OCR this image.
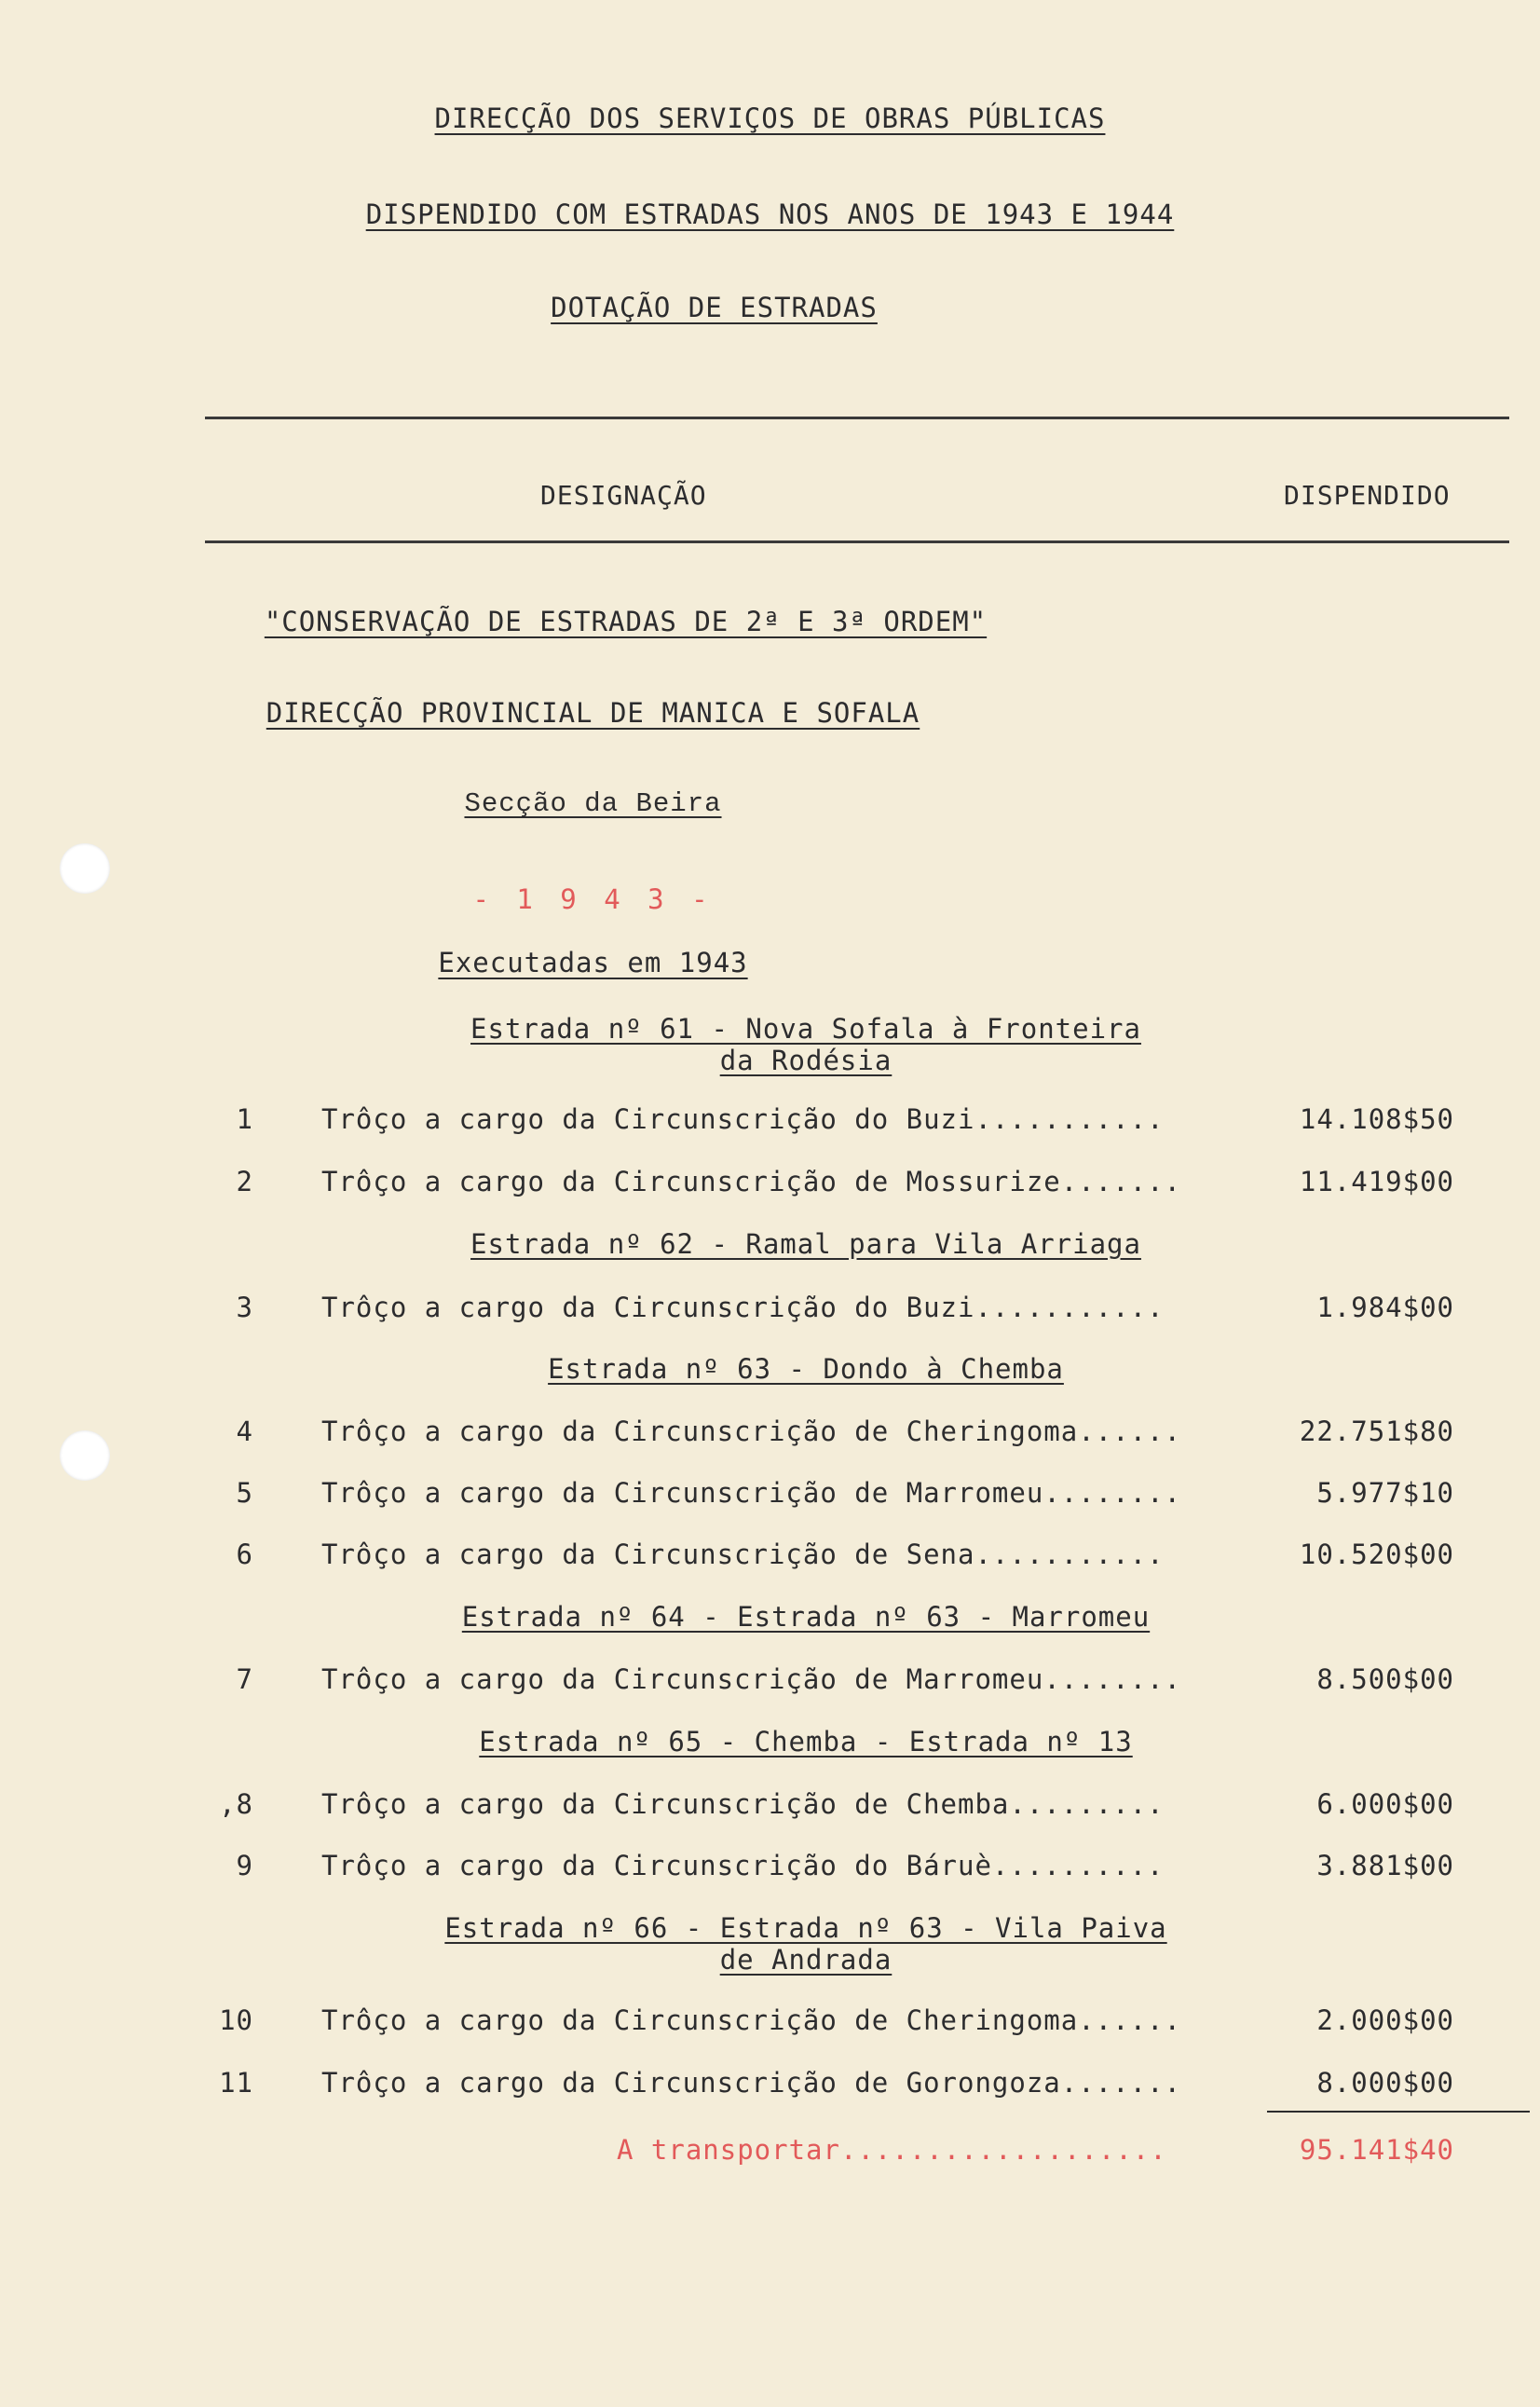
DIRECÇÃO DOS SERVIÇOS DE OBRAS PÚBLICAS
DISPENDIDO COM ESTRADAS NOS ANOS DE 1943 E 1944
DOTAÇÃO DE ESTRADAS
DESIGNAÇÃO	DISPENDIDO
"CONSERVAÇÃO DE ESTRADAS DE 2ª E 3ª ORDEM"
DIRECÇÃO PROVINCIAL DE MANICA E SOFALA
Secção da Beira
- 1 9 4 3 -
Executadas em 1943
Estrada nº 61 - Nova Sofala à Fronteira
da Rodésia
1	Trôço a cargo da Circunscrição do Buzi...........	14.108$50
2	Trôço a cargo da Circunscrição de Mossurize.......	11.419$00
Estrada nº 62 - Ramal para Vila Arriaga
3	Trôço a cargo da Circunscrição do Buzi...........	1.984$00
Estrada nº 63 - Dondo à Chemba
4	Trôço a cargo da Circunscrição de Cheringoma......	22.751$80
5	Trôço a cargo da Circunscrição de Marromeu........	5.977$10
6	Trôço a cargo da Circunscrição de Sena...........	10.520$00
Estrada nº 64 - Estrada nº 63 - Marromeu
7	Trôço a cargo da Circunscrição de Marromeu........	8.500$00
Estrada nº 65 - Chemba - Estrada nº 13
,8	Trôço a cargo da Circunscrição de Chemba.........	6.000$00
9	Trôço a cargo da Circunscrição do Báruè..........	3.881$00
Estrada nº 66 - Estrada nº 63 - Vila Paiva
de Andrada
10	Trôço a cargo da Circunscrição de Cheringoma......	2.000$00
11	Trôço a cargo da Circunscrição de Gorongoza.......	8.000$00
A transportar...................	95.141$40
